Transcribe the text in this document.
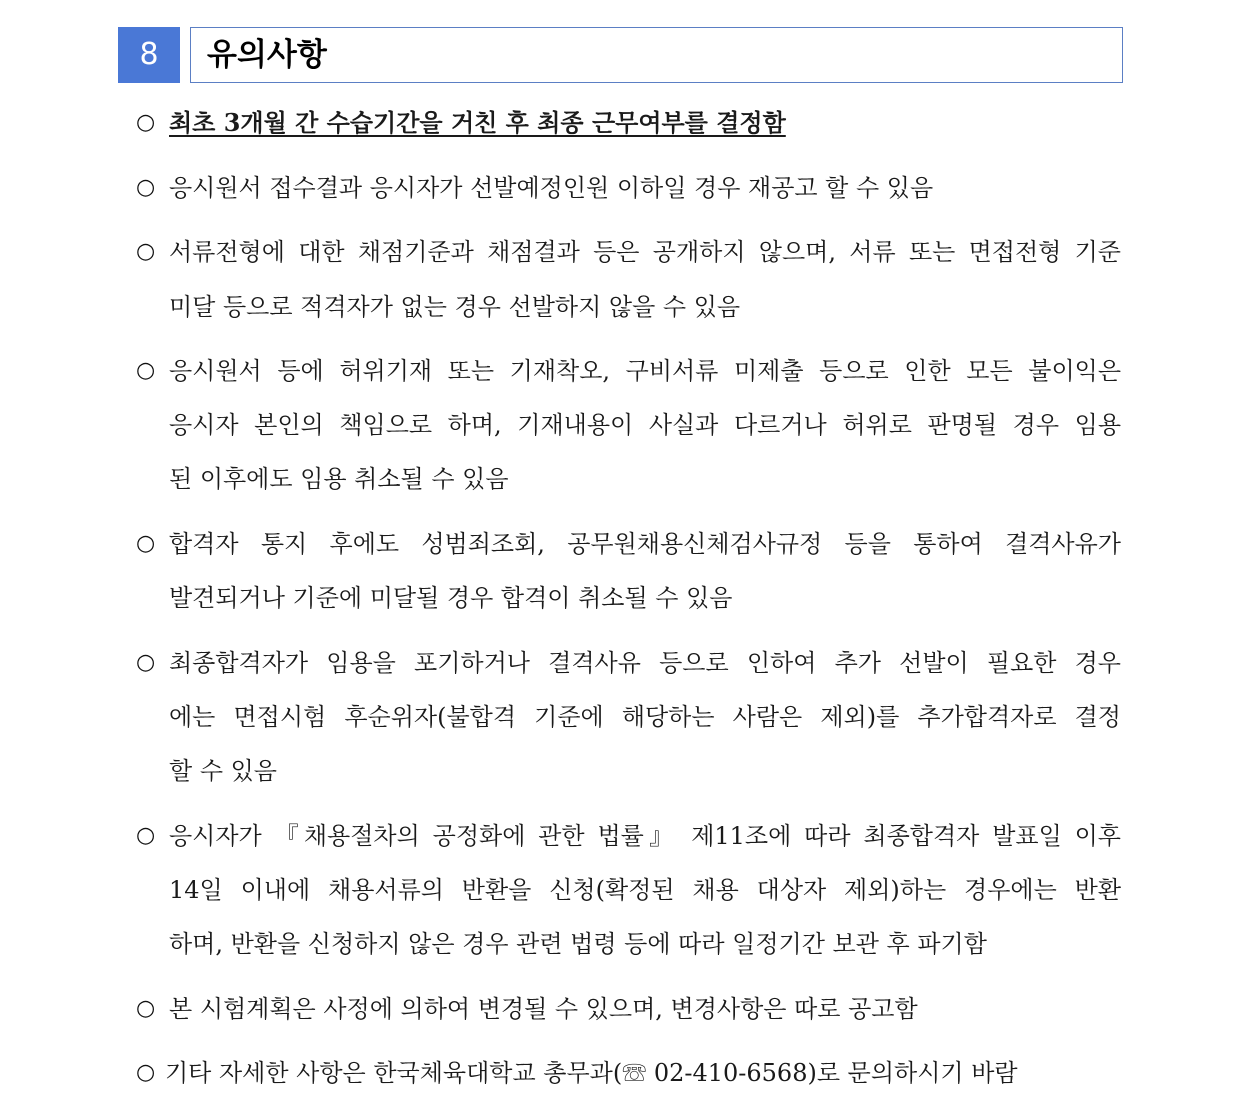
8	유의사항
○ 최초 3개월 간 수습기간을 거친 후 최종 근무여부를 결정함
○ 응시원서 접수결과 응시자가 선발예정인원 이하일 경우 재공고 할 수 있음
○ 서류전형에 대한 채점기준과 채점결과 등은 공개하지 않으며, 서류 또는 면접전형 기준
미달 등으로 적격자가 없는 경우 선발하지 않을 수 있음
○ 응시원서 등에 허위기재 또는 기재착오, 구비서류 미제출 등으로 인한 모든 불이익은
응시자 본인의 책임으로 하며, 기재내용이 사실과 다르거나 허위로 판명될 경우 임용
된 이후에도 임용 취소될 수 있음
○ 합격자 통지 후에도 성범죄조회, 공무원채용신체검사규정 등을 통하여 결격사유가
발견되거나 기준에 미달될 경우 합격이 취소될 수 있음
○ 최종합격자가 임용을 포기하거나 결격사유 등으로 인하여 추가 선발이 필요한 경우
에는 면접시험 후순위자(불합격 기준에 해당하는 사람은 제외)를 추가합격자로 결정
할 수 있음
○ 응시자가 『채용절차의 공정화에 관한 법률』 제11조에 따라 최종합격자 발표일 이후
14일 이내에 채용서류의 반환을 신청(확정된 채용 대상자 제외)하는 경우에는 반환
하며, 반환을 신청하지 않은 경우 관련 법령 등에 따라 일정기간 보관 후 파기함
○ 본 시험계획은 사정에 의하여 변경될 수 있으며, 변경사항은 따로 공고함
○ 기타 자세한 사항은 한국체육대학교 총무과(☏ 02-410-6568)로 문의하시기 바람
